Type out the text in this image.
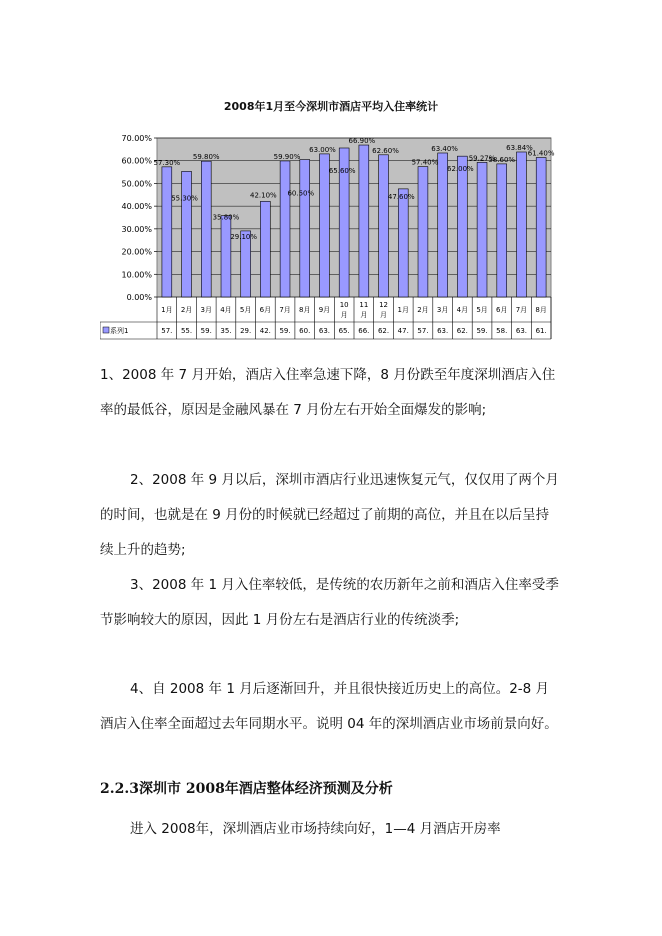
2008年1月至今深圳市酒店平均入住率统计
0.00%
10.00%
20.00%
30.00%
40.00%
50.00%
60.00%
70.00%
57.30%
55.30%
59.80%
35.80%
29.10%
42.10%
59.90%
60.50%
63.00%
65.60%
66.90%
62.60%
47.60%
57.40%
63.40%
62.00%
59.27%
58.60%
63.84%
61.40%
系列1
1月
57.
2月
55.
3月
59.
4月
35.
5月
29.
6月
42.
7月
59.
8月
60.
9月
63.
10
月
65.
11
月
66.
12
月
62.
1月
47.
2月
57.
3月
63.
4月
62.
5月
59.
6月
58.
7月
63.
8月
61.
1、2008 年 7 月开始，酒店入住率急速下降，8 月份跌至年度深圳酒店入住率的最低谷，原因是金融风暴在 7 月份左右开始全面爆发的影响;
2、2008 年 9 月以后，深圳市酒店行业迅速恢复元气，仅仅用了两个月的时间，也就是在 9 月份的时候就已经超过了前期的高位，并且在以后呈持续上升的趋势;
3、2008 年 1 月入住率较低，是传统的农历新年之前和酒店入住率受季节影响较大的原因，因此 1 月份左右是酒店行业的传统淡季;
4、自 2008 年 1 月后逐渐回升，并且很快接近历史上的高位。2-8 月酒店入住率全面超过去年同期水平。说明 04 年的深圳酒店业市场前景向好。
2.2.3深圳市 2008年酒店整体经济预测及分析
进入 2008年，深圳酒店业市场持续向好，1—4 月酒店开房率
